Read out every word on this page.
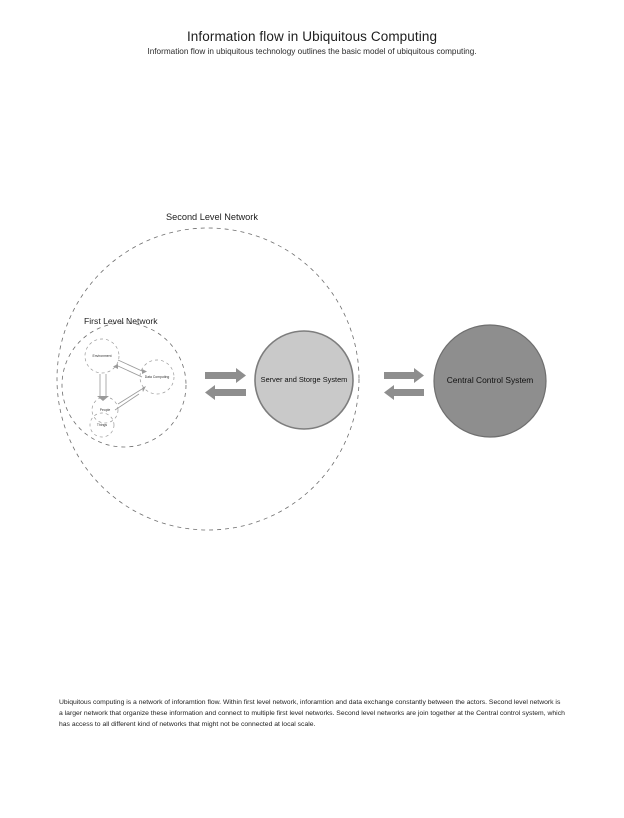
Information flow in Ubiquitous Computing
Information flow in ubiquitous technology outlines the basic model of ubiquitous computing.
Second Level Network
First Level Network
Server and Storge System	Central Control System
Environment
Data Computing
People
Things
Ubiquitous computing is a network of inforamtion flow. Within first level network, inforamtion and data exchange constantly between the actors. Second level network is a larger network that organize these information and connect to multiple first level networks. Second level networks are join together at the Central control system, which has access to all different kind of networks that might not be connected at local scale.
